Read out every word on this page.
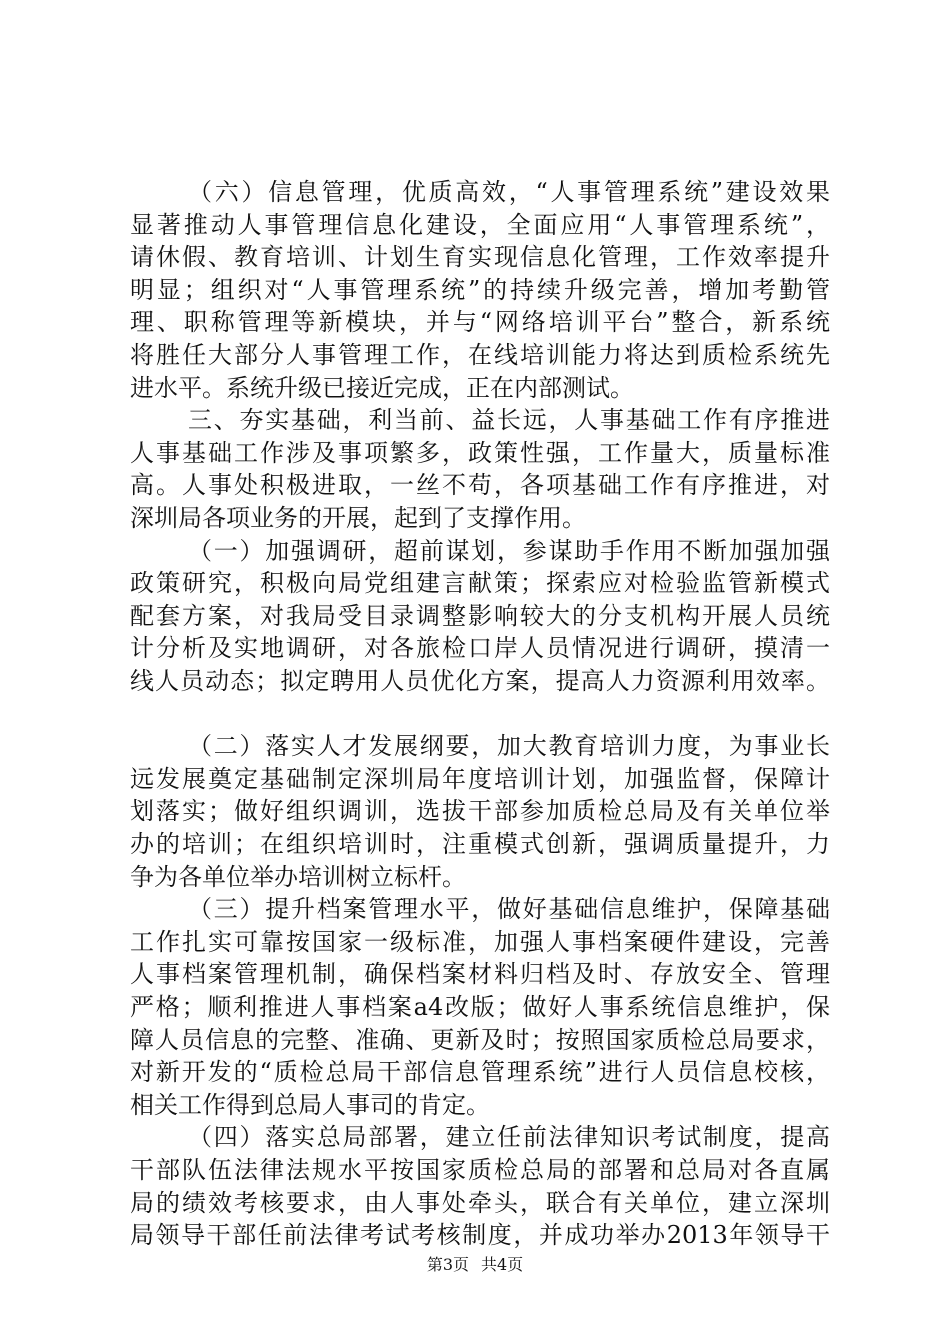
（六）信息管理，优质高效，“人事管理系统”建设效果

显著推动人事管理信息化建设，全面应用“人事管理系统”，

请休假、教育培训、计划生育实现信息化管理，工作效率提升

明显；组织对“人事管理系统”的持续升级完善，增加考勤管

理、职称管理等新模块，并与“网络培训平台”整合，新系统

将胜任大部分人事管理工作，在线培训能力将达到质检系统先

进水平。系统升级已接近完成，正在内部测试。

三、夯实基础，利当前、益长远，人事基础工作有序推进

人事基础工作涉及事项繁多，政策性强，工作量大，质量标准

高。人事处积极进取，一丝不苟，各项基础工作有序推进，对

深圳局各项业务的开展，起到了支撑作用。

（一）加强调研，超前谋划，参谋助手作用不断加强加强

政策研究，积极向局党组建言献策；探索应对检验监管新模式

配套方案，对我局受目录调整影响较大的分支机构开展人员统

计分析及实地调研，对各旅检口岸人员情况进行调研，摸清一

线人员动态；拟定聘用人员优化方案，提高人力资源利用效率。

（二）落实人才发展纲要，加大教育培训力度，为事业长

远发展奠定基础制定深圳局年度培训计划，加强监督，保障计

划落实；做好组织调训，选拔干部参加质检总局及有关单位举

办的培训；在组织培训时，注重模式创新，强调质量提升，力

争为各单位举办培训树立标杆。

（三）提升档案管理水平，做好基础信息维护，保障基础

工作扎实可靠按国家一级标准，加强人事档案硬件建设，完善

人事档案管理机制，确保档案材料归档及时、存放安全、管理

严格；顺利推进人事档案a4改版；做好人事系统信息维护，保

障人员信息的完整、准确、更新及时；按照国家质检总局要求，

对新开发的“质检总局干部信息管理系统”进行人员信息校核，

相关工作得到总局人事司的肯定。

（四）落实总局部署，建立任前法律知识考试制度，提高

干部队伍法律法规水平按国家质检总局的部署和总局对各直属

局的绩效考核要求，由人事处牵头，联合有关单位，建立深圳

局领导干部任前法律考试考核制度，并成功举办2013年领导干

第3页 共4页
